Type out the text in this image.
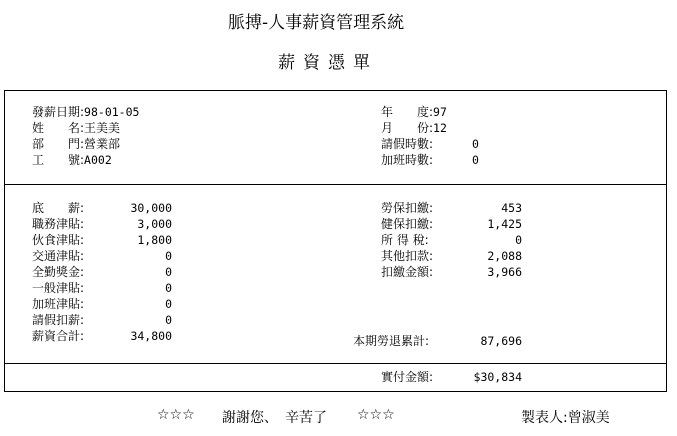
脈搏-人事薪資管理系統
薪資憑單
發薪日期:98-01-05
姓　　名:王美美
部　　門:營業部
工　　號:A002
年　　度:97
月　　份:12
請假時數:	0
加班時數:	0
底　　薪:	30,000
職務津貼:	3,000
伙食津貼:	1,800
交通津貼:	0
全勤獎金:	0
一般津貼:	0
加班津貼:	0
請假扣薪:	0
薪資合計:	34,800
勞保扣繳:	453
健保扣繳:	1,425
所 得 稅:	0
其他扣款:	2,088
扣繳金額:	3,966
本期勞退累計:	87,696
實付金額:	$30,834
☆☆☆ 謝謝您、　辛苦了 ☆☆☆	製表人:曾淑美
